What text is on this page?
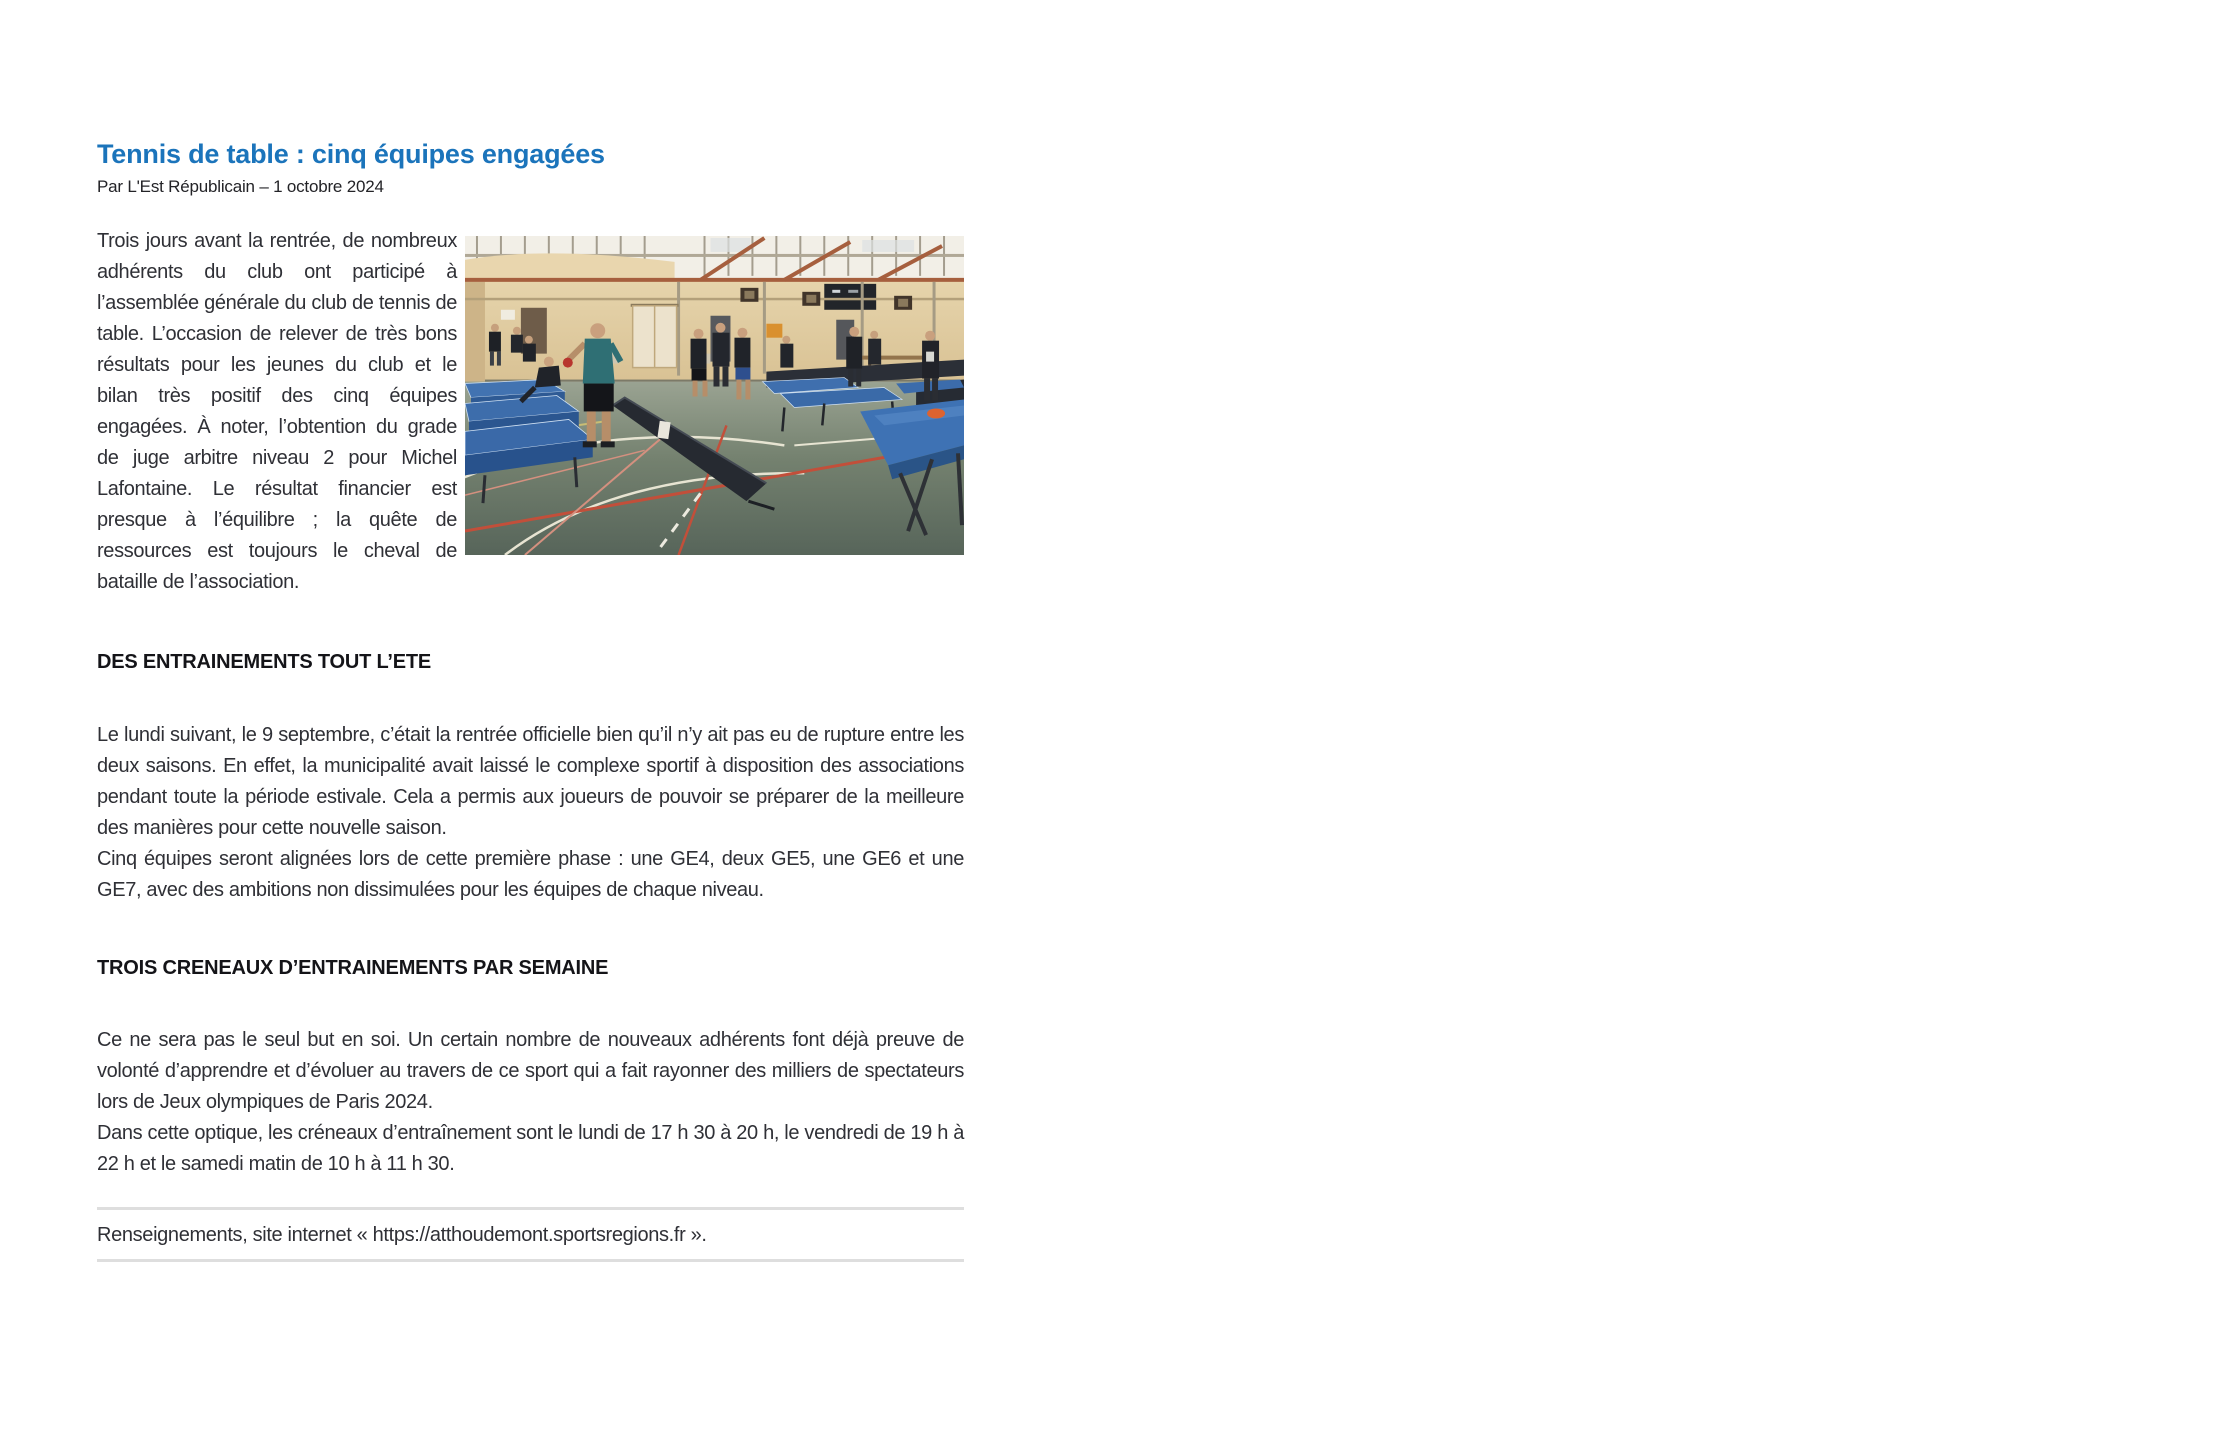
Tennis de table : cinq équipes engagées

Par L'Est Républicain – 1 octobre 2024

Trois jours avant la rentrée, de nombreux adhérents du club ont participé à l’assemblée générale du club de tennis de table. L’occasion de relever de très bons résultats pour les jeunes du club et le bilan très positif des cinq équipes engagées. À noter, l’obtention du grade de juge arbitre niveau 2 pour Michel Lafontaine. Le résultat financier est presque à l’équilibre ; la quête de ressources est toujours le cheval de bataille de l’association.

DES ENTRAINEMENTS TOUT L’ETE

Le lundi suivant, le 9 septembre, c’était la rentrée officielle bien qu’il n’y ait pas eu de rupture entre les deux saisons. En effet, la municipalité avait laissé le complexe sportif à disposition des associations pendant toute la période estivale. Cela a permis aux joueurs de pouvoir se préparer de la meilleure des manières pour cette nouvelle saison.

Cinq équipes seront alignées lors de cette première phase : une GE4, deux GE5, une GE6 et une GE7, avec des ambitions non dissimulées pour les équipes de chaque niveau.

TROIS CRENEAUX D’ENTRAINEMENTS PAR SEMAINE

Ce ne sera pas le seul but en soi. Un certain nombre de nouveaux adhérents font déjà preuve de volonté d’apprendre et d’évoluer au travers de ce sport qui a fait rayonner des milliers de spectateurs lors de Jeux olympiques de Paris 2024.

Dans cette optique, les créneaux d’entraînement sont le lundi de 17 h 30 à 20 h, le vendredi de 19 h à 22 h et le samedi matin de 10 h à 11 h 30.

Renseignements, site internet « https://atthoudemont.sportsregions.fr ».
